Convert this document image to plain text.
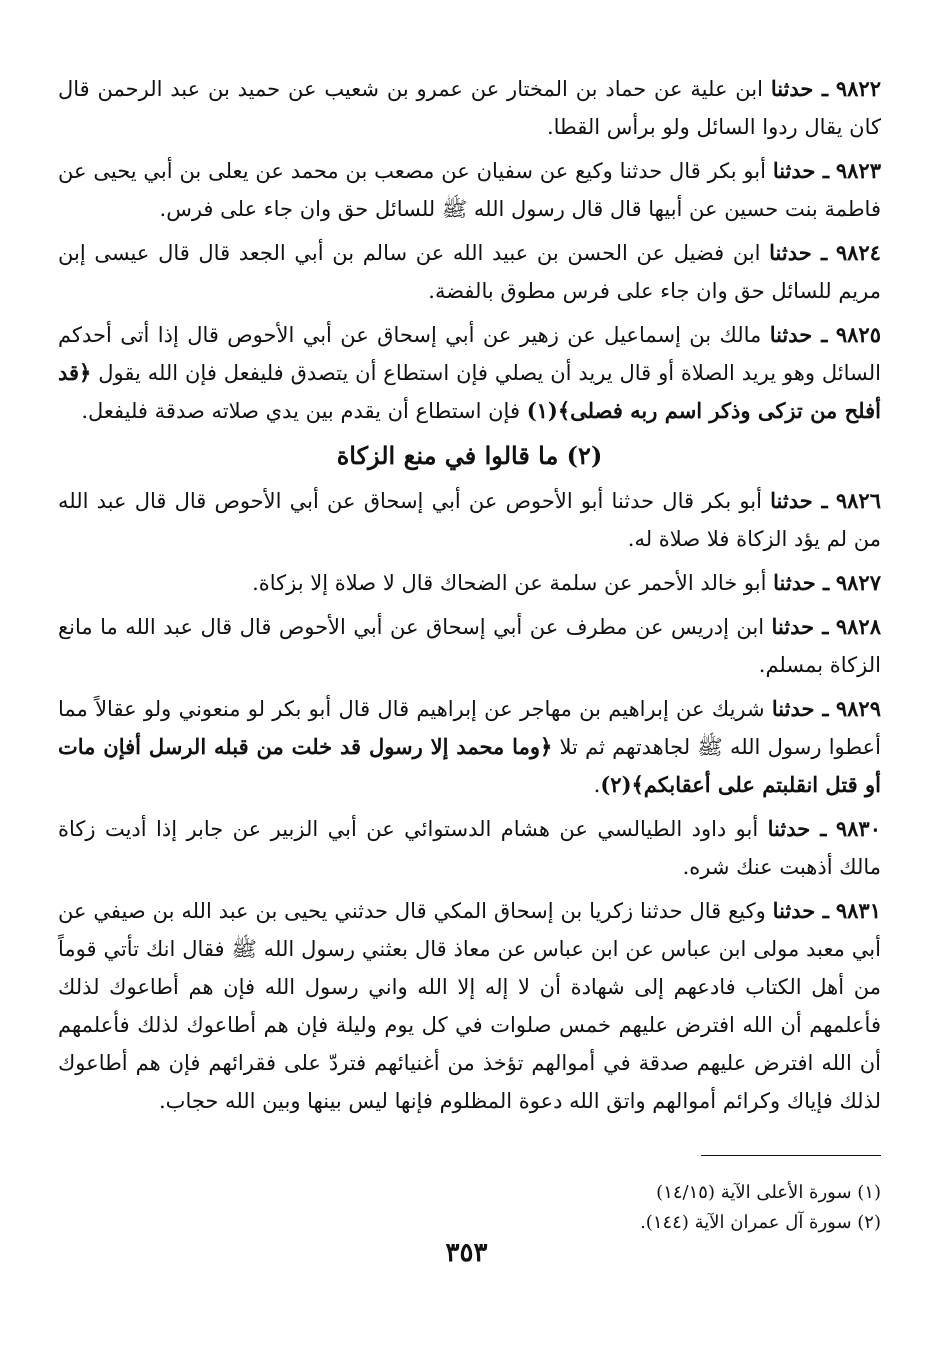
٩٨٢٢ ـ حدثنا ابن علية عن حماد بن المختار عن عمرو بن شعيب عن حميد بن عبد الرحمن قال كان يقال ردوا السائل ولو برأس القطا.

٩٨٢٣ ـ حدثنا أبو بكر قال حدثنا وكيع عن سفيان عن مصعب بن محمد عن يعلى بن أبي يحيى عن فاطمة بنت حسين عن أبيها قال قال رسول الله ﷺ للسائل حق وان جاء على فرس.

٩٨٢٤ ـ حدثنا ابن فضيل عن الحسن بن عبيد الله عن سالم بن أبي الجعد قال قال عيسى إبن مريم للسائل حق وان جاء على فرس مطوق بالفضة.

٩٨٢٥ ـ حدثنا مالك بن إسماعيل عن زهير عن أبي إسحاق عن أبي الأحوص قال إذا أتى أحدكم السائل وهو يريد الصلاة أو قال يريد أن يصلي فإن استطاع أن يتصدق فليفعل فإن الله يقول ﴿قد أفلح من تزكى وذكر اسم ربه فصلى﴾(١) فإن استطاع أن يقدم بين يدي صلاته صدقة فليفعل.

(٢) ما قالوا في منع الزكاة

٩٨٢٦ ـ حدثنا أبو بكر قال حدثنا أبو الأحوص عن أبي إسحاق عن أبي الأحوص قال قال عبد الله من لم يؤد الزكاة فلا صلاة له.

٩٨٢٧ ـ حدثنا أبو خالد الأحمر عن سلمة عن الضحاك قال لا صلاة إلا بزكاة.

٩٨٢٨ ـ حدثنا ابن إدريس عن مطرف عن أبي إسحاق عن أبي الأحوص قال قال عبد الله ما مانع الزكاة بمسلم.

٩٨٢٩ ـ حدثنا شريك عن إبراهيم بن مهاجر عن إبراهيم قال قال أبو بكر لو منعوني ولو عقالاً مما أعطوا رسول الله ﷺ لجاهدتهم ثم تلا ﴿وما محمد إلا رسول قد خلت من قبله الرسل أفإن مات أو قتل انقلبتم على أعقابكم﴾(٢).

٩٨٣٠ ـ حدثنا أبو داود الطيالسي عن هشام الدستوائي عن أبي الزبير عن جابر إذا أديت زكاة مالك أذهبت عنك شره.

٩٨٣١ ـ حدثنا وكيع قال حدثنا زكريا بن إسحاق المكي قال حدثني يحيى بن عبد الله بن صيفي عن أبي معبد مولى ابن عباس عن ابن عباس عن معاذ قال بعثني رسول الله ﷺ فقال انك تأتي قوماً من أهل الكتاب فادعهم إلى شهادة أن لا إله إلا الله واني رسول الله فإن هم أطاعوك لذلك فأعلمهم أن الله افترض عليهم خمس صلوات في كل يوم وليلة فإن هم أطاعوك لذلك فأعلمهم أن الله افترض عليهم صدقة في أموالهم تؤخذ من أغنيائهم فتردّ على فقرائهم فإن هم أطاعوك لذلك فإياك وكرائم أموالهم واتق الله دعوة المظلوم فإنها ليس بينها وبين الله حجاب.

(١) سورة الأعلى الآية (١٤/١٥)
(٢) سورة آل عمران الآية (١٤٤).
٣٥٣
